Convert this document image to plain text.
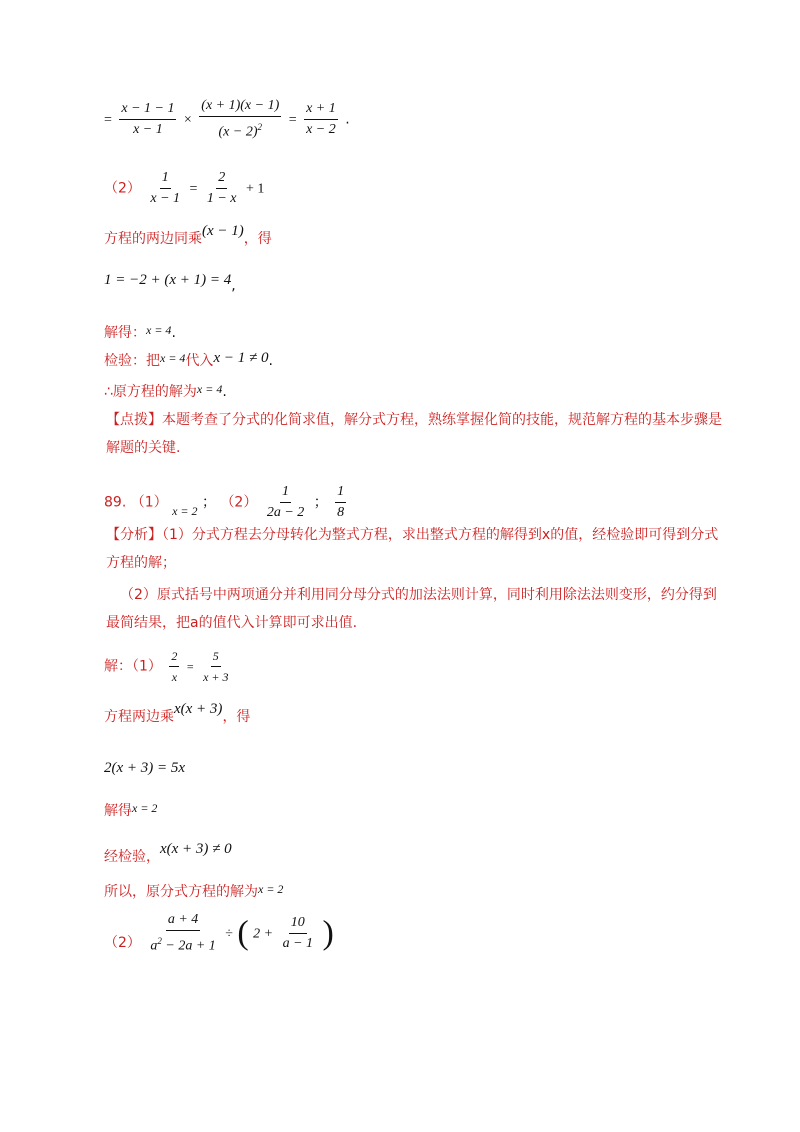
= $\frac{x - 1 - 1}{x - 1} \times \frac{(x + 1)(x - 1)}{(x - 2)^2} = \frac{x + 1}{x - 2}$ .
$(2) \frac{1}{x - 1} = \frac{2}{1 - x} + 1$
方程的两边同乘(x − 1)，得
1 = −2 + (x + 1) = 4,
解得：x = 4.
检验：把x = 4代入x − 1 ≠ 0.
∴原方程的解为x = 4.
【点拨】本题考查了分式的化简求值，解分式方程，熟练掌握化简的技能，规范解方程的基本步骤是解题的关键.
89. （1） x = 2 ； $(2) \frac{1}{2a - 2}$ ； $\frac{1}{8}$
【分析】（1）分式方程去分母转化为整式方程，求出整式方程的解得到x的值，经检验即可得到分式方程的解；
（2）原式括号中两项通分并利用同分母分式的加法法则计算，同时利用除法法则变形，约分得到最简结果，把a的值代入计算即可求出值.
解：$(1) \frac{2}{x} = \frac{5}{x + 3}$
方程两边乘x(x + 3)，得
2(x + 3) = 5x
解得x = 2
经检验，x(x + 3) ≠ 0
所以，原分式方程的解为x = 2
$(2) \frac{a + 4}{a^2 - 2a + 1}$ ÷ ( $2 + \frac{10}{a - 1}$ )
